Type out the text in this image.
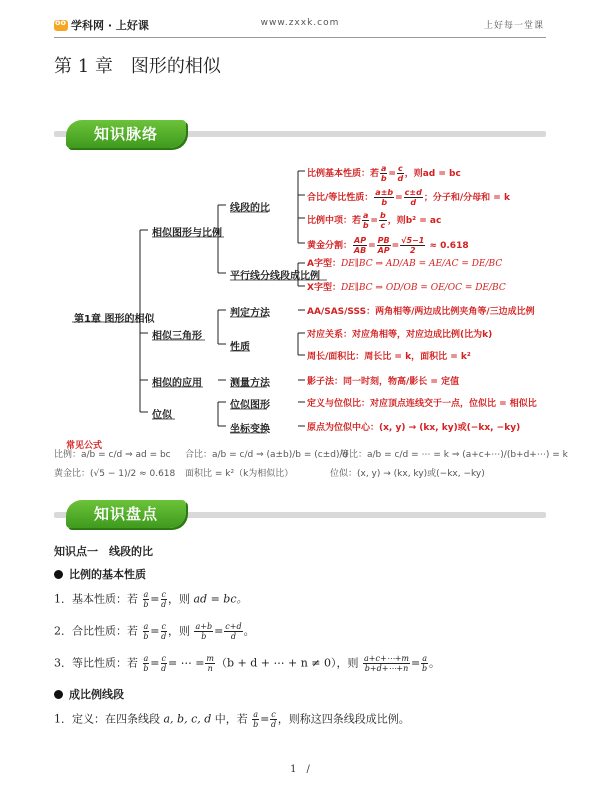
oo
学科网 · 上好课	www.zxxk.com	上好每一堂课
第 1 章 图形的相似
知识脉络
第1章 图形的相似
相似图形与比例
相似三角形
相似的应用
位似
线段的比
平行线分线段成比例
判定方法
性质
测量方法
位似图形
坐标变换
比例基本性质：若 $\frac{a}{b} = \frac{c}{d}$ ，则ad = bc
合比/等比性质： $\frac{a\pm b}{b} = \frac{c\pm d}{d}$ ；分子和/分母和 = k
比例中项：若 $\frac{a}{b} = \frac{b}{c}$ ，则b² = ac
黄金分割： $\frac{AP}{AB} = \frac{PB}{AP} = \frac{√5-1}{2} \approx 0.618$
A字型：DE∥BC ⇒ AD/AB = AE/AC = DE/BC
X字型：DE∥BC ⇒ OD/OB = OE/OC = DE/BC
AA/SAS/SSS：两角相等/两边成比例夹角等/三边成比例
对应关系：对应角相等，对应边成比例(比为k)
周长/面积比：周长比 = k，面积比 = k²
影子法：同一时刻，物高/影长 = 定值
定义与位似比：对应顶点连线交于一点，位似比 = 相似比
原点为位似中心：(x, y) → (kx, ky)或(−kx, −ky)
常见公式
比例：a/b = c/d ⇒ ad = bc 合比：a/b = c/d ⇒ (a±b)/b = (c±d)/d
等比：a/b = c/d = ⋯ = k ⇒ (a+c+⋯)/(b+d+⋯) = k
黄金比：(√5 − 1)/2 ≈ 0.618 面积比 = k²（k为相似比）	位似：(x, y) → (kx, ky)或(−kx, −ky)
知识盘点
知识点一　线段的比
比例的基本性质
1．基本性质：若 $\frac{a}{b} = \frac{c}{d}$ ，则 ad = bc。
2．合比性质：若 $\frac{a}{b} = \frac{c}{d}$ ，则 $\frac{a+b}{b} = \frac{c+d}{d}$ 。
3．等比性质：若 $\frac{a}{b} = \frac{c}{d}$ = ⋯ = $\frac{m}{n} (b + d$ + ⋯ + n ≠ 0），则 $\frac{a+c+\cdots+m}{b+d+\cdots+n} = \frac{a}{b}$ 。
成比例线段
1．定义：在四条线段 a, b, c, d 中，若 $\frac{a}{b} = \frac{c}{d}$ ，则称这四条线段成比例。
1　/
